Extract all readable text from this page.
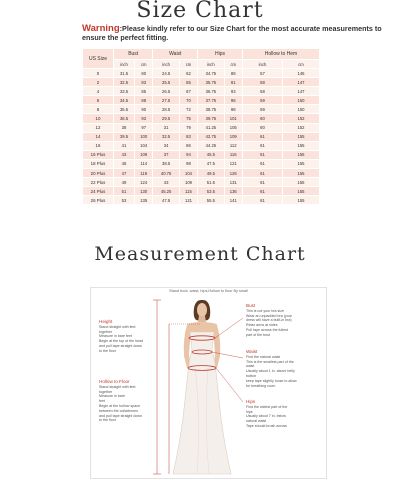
Size Chart
Warning:Please kindly refer to our Size Chart for the most accurate measurements to ensure the perfect fitting.
US Size	Bust		Waist		Hips		Hollow to Hem	
	inch	cm	inch	cm	inch	cm	inch	cm
0	31.5	80	24.5	62	34.75	88	57	145
2	32.5	83	25.5	65	35.75	91	58	147
4	33.5	85	26.5	67	36.75	93	58	147
6	34.5	88	27.5	70	37.75	96	59	150
8	35.5	90	28.5	72	38.75	98	59	150
10	36.5	93	29.5	75	39.75	101	60	152
12	38	97	31	79	41.25	105	60	152
14	39.5	100	32.5	83	42.75	109	61	155
16	41	104	34	86	44.25	112	61	155
16 Plus	43	109	37	94	45.5	116	61	155
18 Plus	45	114	38.5	98	47.5	121	61	155
20 Plus	47	119	40.75	104	49.5	126	61	155
22 Plus	49	124	43	109	51.5	131	61	155
24 Plus	51	130	45.25	115	53.5	136	61	155
26 Plus	53	135	47.5	121	55.5	141	61	155
Measurement Chart
Stand boot, waist, hips,Hollow to floor By small
Height
Stand straight with feet
together
Measure in bare feet
Begin at the top of the head
and pull tape straight down
to the floor
Hollow to Floor
Stand straight with feet
together
Measure in bare
feet
Begin at the hollow space
between the collarbones
and pull tape straight down
to the floor
Bust
This is not your bra size
Wear an unpadded bra (your
dress will have a built-in bra)
Relax arms at sides
Pull tape across the fullest
part of the bust
Waist
Find the natural waist
This is the smallest part of the
waist
Usually about 1 in. above belly
button
keep tape slightly loose to allow
for breathing room
Hips
Find the widest part of the
hips
Usually about 7 in. below
natural waist
Tape should brush across
